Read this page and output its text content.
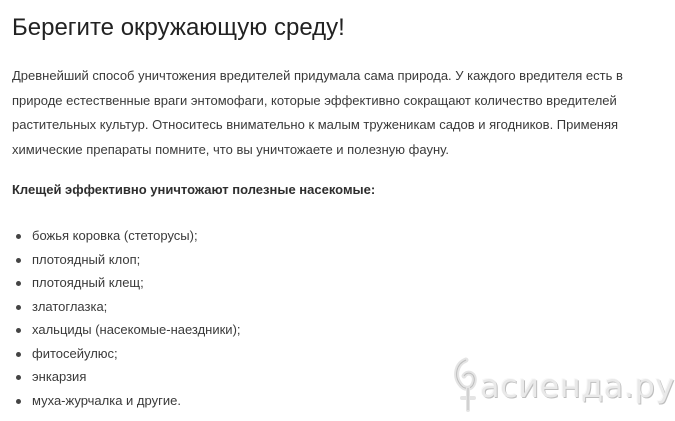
Берегите окружающую среду!
Древнейший способ уничтожения вредителей придумала сама природа. У каждого вредителя есть в
природе естественные враги энтомофаги, которые эффективно сокращают количество вредителей
растительных культур. Относитесь внимательно к малым труженикам садов и ягодников. Применяя
химические препараты помните, что вы уничтожаете и полезную фауну.
Клещей эффективно уничтожают полезные насекомые:
божья коровка (стеторусы);
плотоядный клоп;
плотоядный клещ;
златоглазка;
хальциды (насекомые-наездники);
фитосейулюс;
энкарзия
муха-журчалка и другие.	асиенда.ру
